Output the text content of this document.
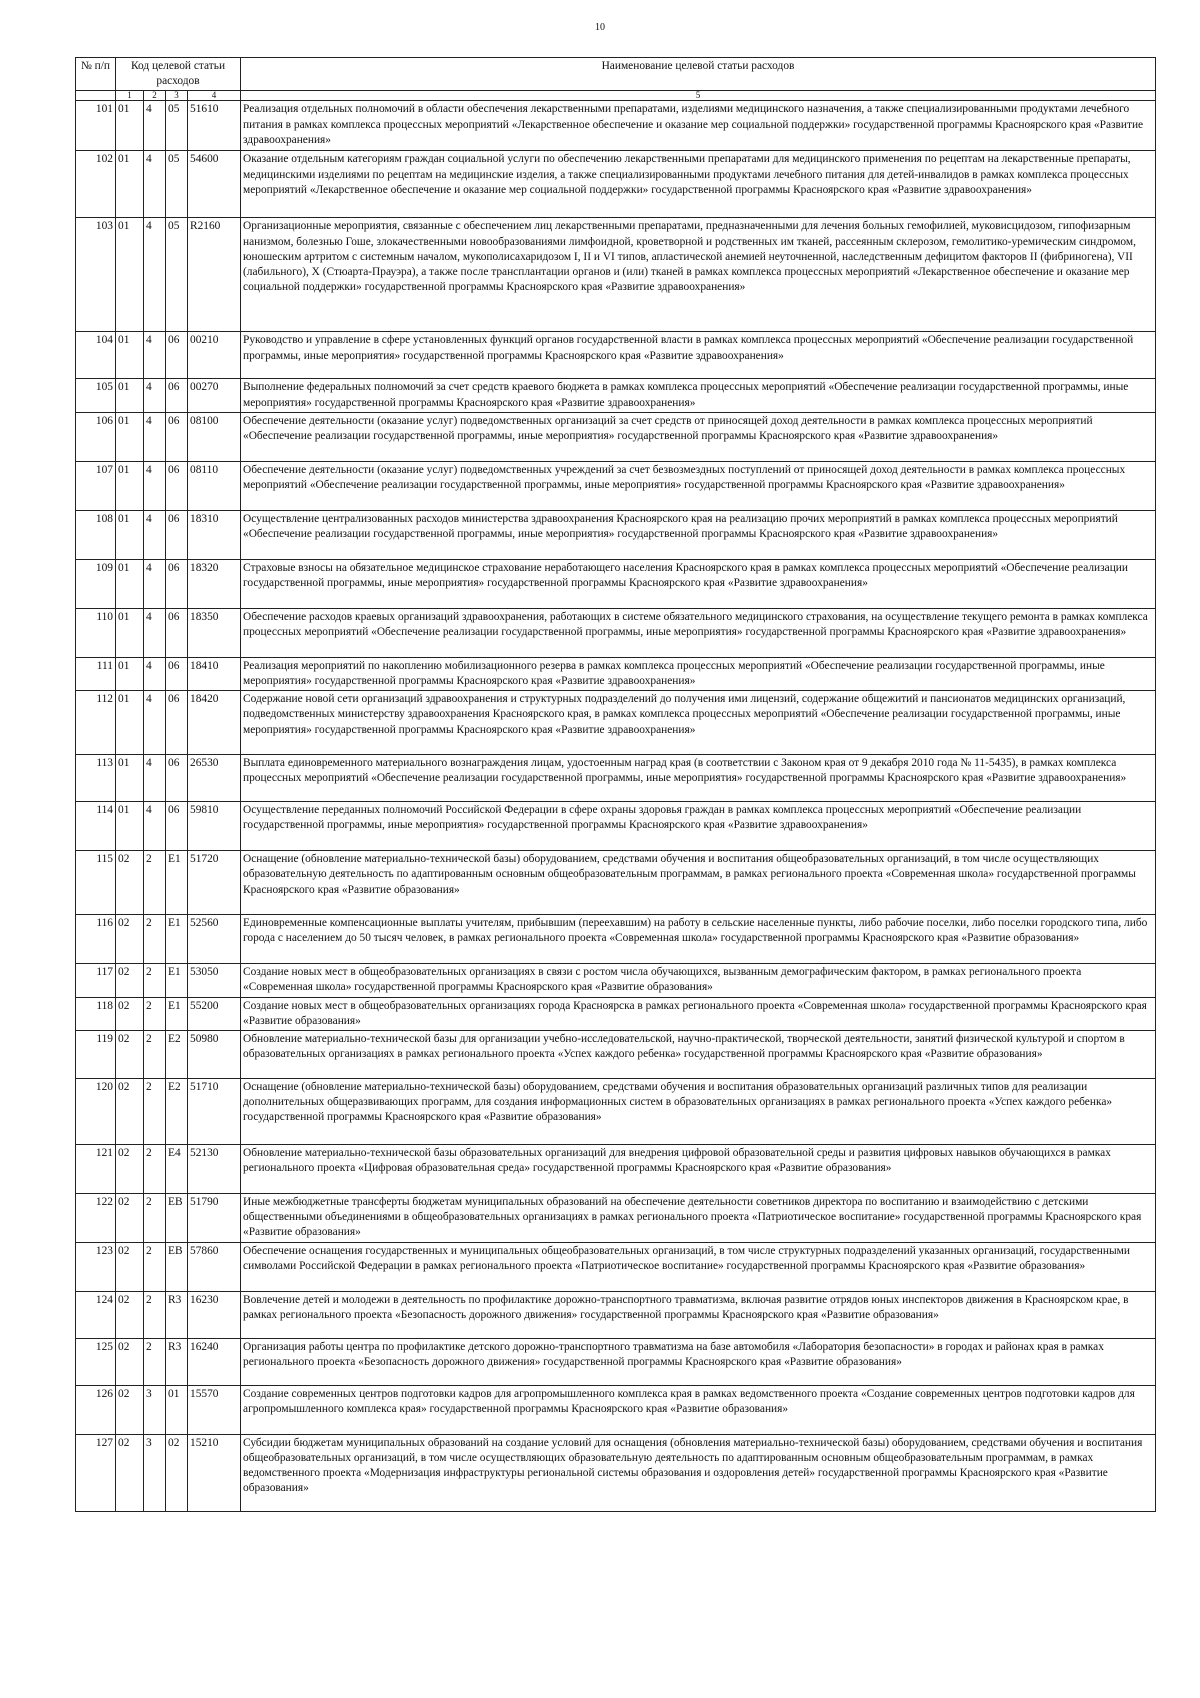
10
№ п/п	Код целевой статьи расходов				Наименование целевой статьи расходов
	1	2	3	4	5
101	01	4	05	51610	Реализация отдельных полномочий в области обеспечения лекарственными препаратами, изделиями медицинского назначения, а также специализированными продуктами лечебного питания в рамках комплекса процессных мероприятий «Лекарственное обеспечение и оказание мер социальной поддержки» государственной программы Красноярского края «Развитие здравоохранения»
102	01	4	05	54600	Оказание отдельным категориям граждан социальной услуги по обеспечению лекарственными препаратами для медицинского применения по рецептам на лекарственные препараты, медицинскими изделиями по рецептам на медицинские изделия, а также специализированными продуктами лечебного питания для детей-инвалидов в рамках комплекса процессных мероприятий «Лекарственное обеспечение и оказание мер социальной поддержки» государственной программы Красноярского края «Развитие здравоохранения»
103	01	4	05	R2160	Организационные мероприятия, связанные с обеспечением лиц лекарственными препаратами, предназначенными для лечения больных гемофилией, муковисцидозом, гипофизарным нанизмом, болезнью Гоше, злокачественными новообразованиями лимфоидной, кроветворной и родственных им тканей, рассеянным склерозом, гемолитико-уремическим синдромом, юношеским артритом с системным началом, мукополисахаридозом I, II и VI типов, апластической анемией неуточненной, наследственным дефицитом факторов II (фибриногена), VII (лабильного), X (Стюарта-Прауэра), а также после трансплантации органов и (или) тканей в рамках комплекса процессных мероприятий «Лекарственное обеспечение и оказание мер социальной поддержки» государственной программы Красноярского края «Развитие здравоохранения»
104	01	4	06	00210	Руководство и управление в сфере установленных функций органов государственной власти в рамках комплекса процессных мероприятий «Обеспечение реализации государственной программы, иные мероприятия» государственной программы Красноярского края «Развитие здравоохранения»
105	01	4	06	00270	Выполнение федеральных полномочий за счет средств краевого бюджета в рамках комплекса процессных мероприятий «Обеспечение реализации государственной программы, иные мероприятия» государственной программы Красноярского края «Развитие здравоохранения»
106	01	4	06	08100	Обеспечение деятельности (оказание услуг) подведомственных организаций за счет средств от приносящей доход деятельности в рамках комплекса процессных мероприятий «Обеспечение реализации государственной программы, иные мероприятия» государственной программы Красноярского края «Развитие здравоохранения»
107	01	4	06	08110	Обеспечение деятельности (оказание услуг) подведомственных учреждений за счет безвозмездных поступлений от приносящей доход деятельности в рамках комплекса процессных мероприятий «Обеспечение реализации государственной программы, иные мероприятия» государственной программы Красноярского края «Развитие здравоохранения»
108	01	4	06	18310	Осуществление централизованных расходов министерства здравоохранения Красноярского края на реализацию прочих мероприятий в рамках комплекса процессных мероприятий «Обеспечение реализации государственной программы, иные мероприятия» государственной программы Красноярского края «Развитие здравоохранения»
109	01	4	06	18320	Страховые взносы на обязательное медицинское страхование неработающего населения Красноярского края в рамках комплекса процессных мероприятий «Обеспечение реализации государственной программы, иные мероприятия» государственной программы Красноярского края «Развитие здравоохранения»
110	01	4	06	18350	Обеспечение расходов краевых организаций здравоохранения, работающих в системе обязательного медицинского страхования, на осуществление текущего ремонта в рамках комплекса процессных мероприятий «Обеспечение реализации государственной программы, иные мероприятия» государственной программы Красноярского края «Развитие здравоохранения»
111	01	4	06	18410	Реализация мероприятий по накоплению мобилизационного резерва в рамках комплекса процессных мероприятий «Обеспечение реализации государственной программы, иные мероприятия» государственной программы Красноярского края «Развитие здравоохранения»
112	01	4	06	18420	Содержание новой сети организаций здравоохранения и структурных подразделений до получения ими лицензий, содержание общежитий и пансионатов медицинских организаций, подведомственных министерству здравоохранения Красноярского края, в рамках комплекса процессных мероприятий «Обеспечение реализации государственной программы, иные мероприятия» государственной программы Красноярского края «Развитие здравоохранения»
113	01	4	06	26530	Выплата единовременного материального вознаграждения лицам, удостоенным наград края (в соответствии с Законом края от 9 декабря 2010 года № 11-5435), в рамках комплекса процессных мероприятий «Обеспечение реализации государственной программы, иные мероприятия» государственной программы Красноярского края «Развитие здравоохранения»
114	01	4	06	59810	Осуществление переданных полномочий Российской Федерации в сфере охраны здоровья граждан в рамках комплекса процессных мероприятий «Обеспечение реализации государственной программы, иные мероприятия» государственной программы Красноярского края «Развитие здравоохранения»
115	02	2	E1	51720	Оснащение (обновление материально-технической базы) оборудованием, средствами обучения и воспитания общеобразовательных организаций, в том числе осуществляющих образовательную деятельность по адаптированным основным общеобразовательным программам, в рамках регионального проекта «Современная школа» государственной программы Красноярского края «Развитие образования»
116	02	2	E1	52560	Единовременные компенсационные выплаты учителям, прибывшим (переехавшим) на работу в сельские населенные пункты, либо рабочие поселки, либо поселки городского типа, либо города с населением до 50 тысяч человек, в рамках регионального проекта «Современная школа» государственной программы Красноярского края «Развитие образования»
117	02	2	E1	53050	Создание новых мест в общеобразовательных организациях в связи с ростом числа обучающихся, вызванным демографическим фактором, в рамках регионального проекта «Современная школа» государственной программы Красноярского края «Развитие образования»
118	02	2	E1	55200	Создание новых мест в общеобразовательных организациях города Красноярска в рамках регионального проекта «Современная школа» государственной программы Красноярского края «Развитие образования»
119	02	2	E2	50980	Обновление материально-технической базы для организации учебно-исследовательской, научно-практической, творческой деятельности, занятий физической культурой и спортом в образовательных организациях в рамках регионального проекта «Успех каждого ребенка» государственной программы Красноярского края «Развитие образования»
120	02	2	E2	51710	Оснащение (обновление материально-технической базы) оборудованием, средствами обучения и воспитания образовательных организаций различных типов для реализации дополнительных общеразвивающих программ, для создания информационных систем в образовательных организациях в рамках регионального проекта «Успех каждого ребенка» государственной программы Красноярского края «Развитие образования»
121	02	2	E4	52130	Обновление материально-технической базы образовательных организаций для внедрения цифровой образовательной среды и развития цифровых навыков обучающихся в рамках регионального проекта «Цифровая образовательная среда» государственной программы Красноярского края «Развитие образования»
122	02	2	EB	51790	Иные межбюджетные трансферты бюджетам муниципальных образований на обеспечение деятельности советников директора по воспитанию и взаимодействию с детскими общественными объединениями в общеобразовательных организациях в рамках регионального проекта «Патриотическое воспитание» государственной программы Красноярского края «Развитие образования»
123	02	2	EB	57860	Обеспечение оснащения государственных и муниципальных общеобразовательных организаций, в том числе структурных подразделений указанных организаций, государственными символами Российской Федерации в рамках регионального проекта «Патриотическое воспитание» государственной программы Красноярского края «Развитие образования»
124	02	2	R3	16230	Вовлечение детей и молодежи в деятельность по профилактике дорожно-транспортного травматизма, включая развитие отрядов юных инспекторов движения в Красноярском крае, в рамках регионального проекта «Безопасность дорожного движения» государственной программы Красноярского края «Развитие образования»
125	02	2	R3	16240	Организация работы центра по профилактике детского дорожно-транспортного травматизма на базе автомобиля «Лаборатория безопасности» в городах и районах края в рамках регионального проекта «Безопасность дорожного движения» государственной программы Красноярского края «Развитие образования»
126	02	3	01	15570	Создание современных центров подготовки кадров для агропромышленного комплекса края в рамках ведомственного проекта «Создание современных центров подготовки кадров для агропромышленного комплекса края» государственной программы Красноярского края «Развитие образования»
127	02	3	02	15210	Субсидии бюджетам муниципальных образований на создание условий для оснащения (обновления материально-технической базы) оборудованием, средствами обучения и воспитания общеобразовательных организаций, в том числе осуществляющих образовательную деятельность по адаптированным основным общеобразовательным программам, в рамках ведомственного проекта «Модернизация инфраструктуры региональной системы образования и оздоровления детей» государственной программы Красноярского края «Развитие образования»
